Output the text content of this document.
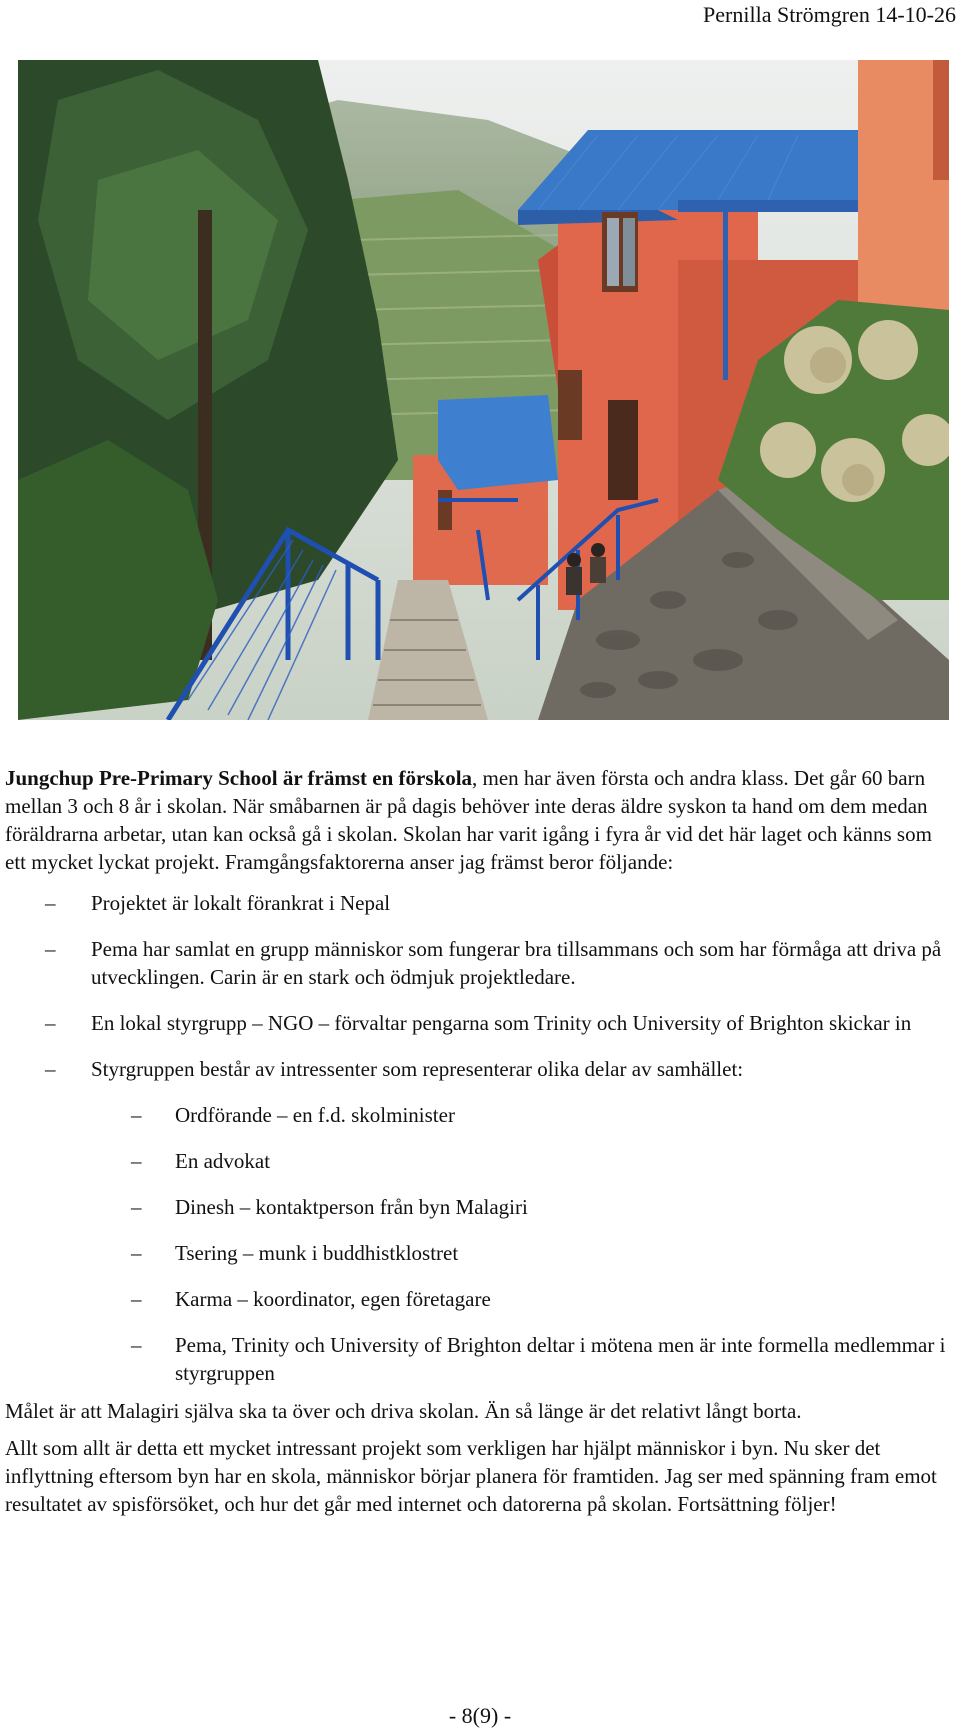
Pernilla Strömgren 14-10-26

Jungchup Pre-Primary School är främst en förskola, men har även första och andra klass. Det går 60 barn mellan 3 och 8 år i skolan. När småbarnen är på dagis behöver inte deras äldre syskon ta hand om dem medan föräldrarna arbetar, utan kan också gå i skolan. Skolan har varit igång i fyra år vid det här laget och känns som ett mycket lyckat projekt. Framgångsfaktorerna anser jag främst beror följande:

– Projektet är lokalt förankrat i Nepal
– Pema har samlat en grupp människor som fungerar bra tillsammans och som har förmåga att driva på utvecklingen. Carin är en stark och ödmjuk projektledare.
– En lokal styrgrupp – NGO – förvaltar pengarna som Trinity och University of Brighton skickar in
– Styrgruppen består av intressenter som representerar olika delar av samhället:
– Ordförande – en f.d. skolminister
– En advokat
– Dinesh – kontaktperson från byn Malagiri
– Tsering – munk i buddhistklostret
– Karma – koordinator, egen företagare
– Pema, Trinity och University of Brighton deltar i mötena men är inte formella medlemmar i styrgruppen

Målet är att Malagiri själva ska ta över och driva skolan. Än så länge är det relativt långt borta.

Allt som allt är detta ett mycket intressant projekt som verkligen har hjälpt människor i byn. Nu sker det inflyttning eftersom byn har en skola, människor börjar planera för framtiden. Jag ser med spänning fram emot resultatet av spisförsöket, och hur det går med internet och datorerna på skolan. Fortsättning följer!

- 8(9) -
